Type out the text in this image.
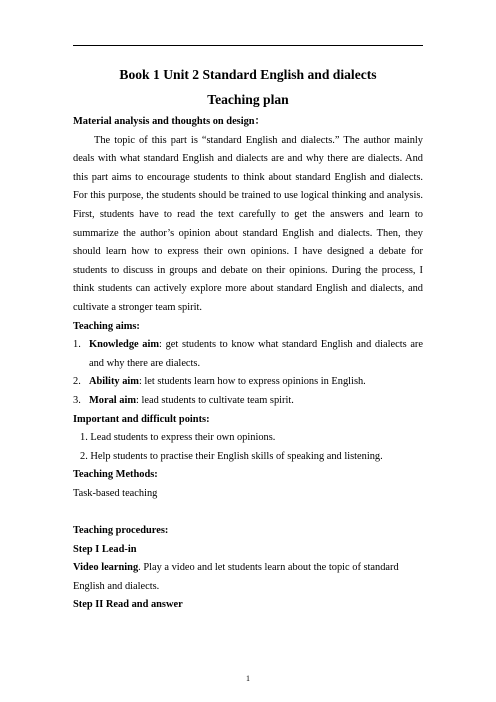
Book 1 Unit 2 Standard English and dialects
Teaching plan

Material analysis and thoughts on design：

The topic of this part is “standard English and dialects.” The author mainly deals with what standard English and dialects are and why there are dialects. And this part aims to encourage students to think about standard English and dialects. For this purpose, the students should be trained to use logical thinking and analysis. First, students have to read the text carefully to get the answers and learn to summarize the author’s opinion about standard English and dialects. Then, they should learn how to express their own opinions. I have designed a debate for students to discuss in groups and debate on their opinions. During the process, I think students can actively explore more about standard English and dialects, and cultivate a stronger team spirit.

Teaching aims:

1. Knowledge aim: get students to know what standard English and dialects are and why there are dialects.
2. Ability aim: let students learn how to express opinions in English.
3. Moral aim: lead students to cultivate team spirit.

Important and difficult points:

1. Lead students to express their own opinions.
2. Help students to practise their English skills of speaking and listening.

Teaching Methods:

Task-based teaching

Teaching procedures:

Step I Lead-in

Video learning. Play a video and let students learn about the topic of standard English and dialects.

Step II Read and answer

1
